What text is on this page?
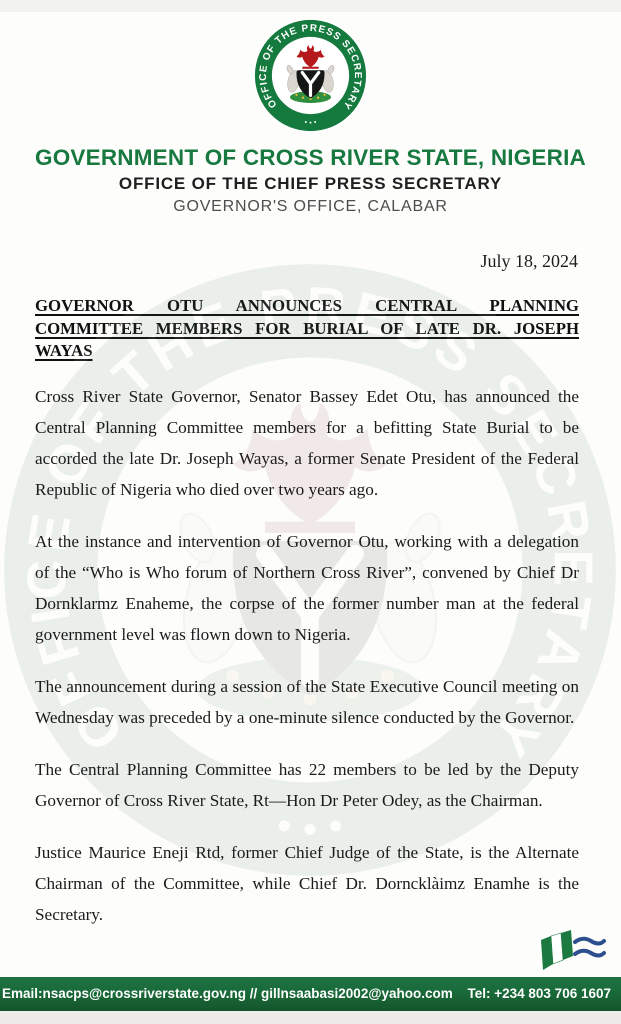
GOVERNMENT OF CROSS RIVER STATE, NIGERIA
OFFICE OF THE CHIEF PRESS SECRETARY
GOVERNOR'S OFFICE, CALABAR
July 18, 2024
GOVERNOR OTU ANNOUNCES CENTRAL PLANNING
COMMITTEE MEMBERS FOR BURIAL OF LATE DR. JOSEPH
WAYAS

Cross River State Governor, Senator Bassey Edet Otu, has announced the Central Planning Committee members for a befitting State Burial to be accorded the late Dr. Joseph Wayas, a former Senate President of the Federal Republic of Nigeria who died over two years ago.

At the instance and intervention of Governor Otu, working with a delegation of the “Who is Who forum of Northern Cross River”, convened by Chief Dr Dornklarmz Enaheme, the corpse of the former number man at the federal government level was flown down to Nigeria.

The announcement during a session of the State Executive Council meeting on Wednesday was preceded by a one-minute silence conducted by the Governor.

The Central Planning Committee has 22 members to be led by the Deputy Governor of Cross River State, Rt—Hon Dr Peter Odey, as the Chairman.

Justice Maurice Eneji Rtd, former Chief Judge of the State, is the Alternate Chairman of the Committee, while Chief Dr. Dorncklàimz Enamhe is the Secretary.

Email:nsacps@crossriverstate.gov.ng // gillnsaabasi2002@yahoo.com Tel: +234 803 706 1607
